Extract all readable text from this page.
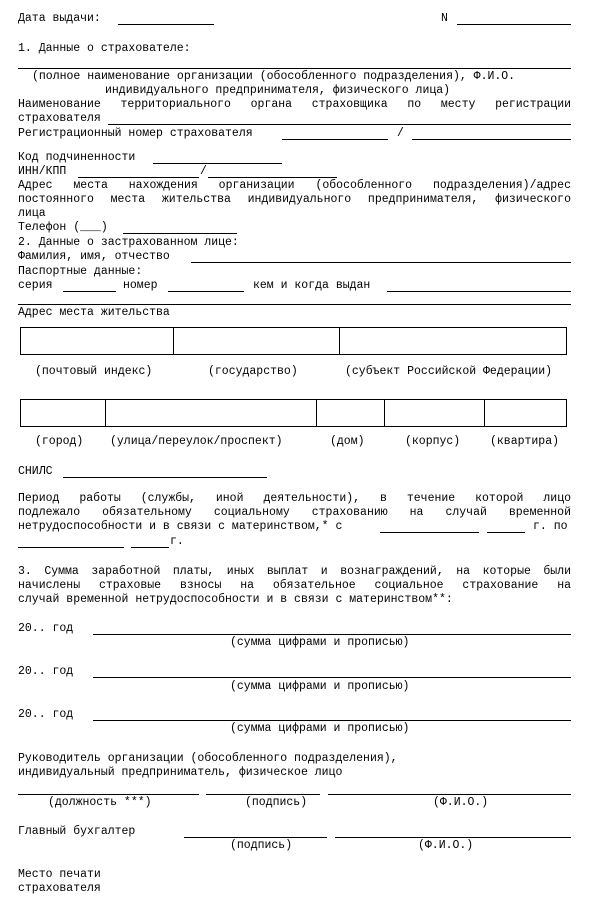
Дата выдачи:	N
1. Данные о страхователе:
(полное наименование организации (обособленного подразделения), Ф.И.О.
индивидуального предпринимателя, физического лица)
Наименование территориального органа страховщика по месту регистрации
страхователя
Регистрационный номер страхователя	/
Код подчиненности
ИНН/КПП	/
Адрес места нахождения организации (обособленного подразделения)/адрес
постоянного места жительства индивидуального предпринимателя, физического
лица
Телефон (___)
2. Данные о застрахованном лице:
Фамилия, имя, отчество
Паспортные данные:
серия	номер	кем и когда выдан
Адрес места жительства
(почтовый индекс)	(государство)	(субъект Российской Федерации)
(город) (улица/переулок/проспект)	(дом)	(корпус)	(квартира)
СНИЛС
Период работы (службы, иной деятельности), в течение которой лицо
подлежало обязательному социальному страхованию на случай временной
нетрудоспособности и в связи с материнством,* с	г. по
г.
3. Сумма заработной платы, иных выплат и вознаграждений, на которые были
начислены страховые взносы на обязательное социальное страхование на
случай временной нетрудоспособности и в связи с материнством**:
20.. год
(сумма цифрами и прописью)
20.. год
(сумма цифрами и прописью)
20.. год
(сумма цифрами и прописью)
Руководитель организации (обособленного подразделения),
индивидуальный предприниматель, физическое лицо
(должность ***)	(подпись)	(Ф.И.О.)
Главный бухгалтер
(подпись)	(Ф.И.О.)
Место печати
страхователя
